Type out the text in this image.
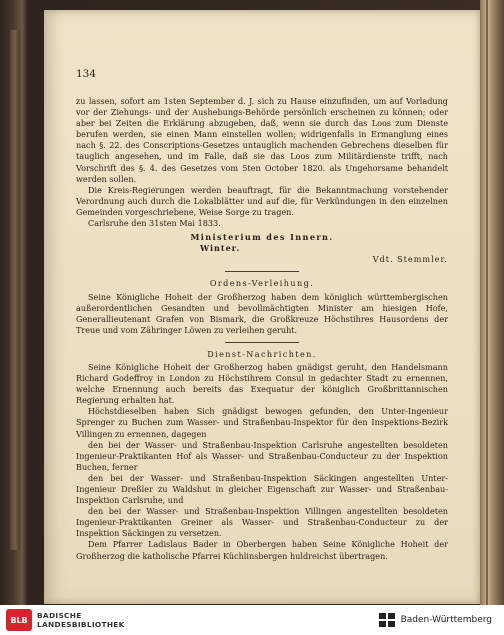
134

zu lassen, sofort am 1sten September d. J. sich zu Hause einzufinden, um auf Vorladung vor der Ziehungs- und der Aushebungs-Behörde persönlich erscheinen zu können; oder aber bei Zeiten die Erklärung abzugeben, daß, wenn sie durch das Loos zum Dienste berufen werden, sie einen Mann einstellen wollen; widrigenfalls in Ermanglung eines nach §. 22. des Conscriptions-Gesetzes untauglich machenden Gebrechens dieselben für tauglich angesehen, und im Falle, daß sie das Loos zum Militärdienste trifft, nach Vorschrift des §. 4. des Gesetzes vom 5ten October 1820. als Ungehorsame behandelt werden sollen.

Die Kreis-Regierungen werden beauftragt, für die Bekanntmachung vorstehender Verordnung auch durch die Lokalblätter und auf die, für Verkündungen in den einzelnen Gemeinden vorgeschriebene, Weise Sorge zu tragen.

Carlsruhe den 31sten Mai 1833.

Ministerium des Innern.

Winter.
Vdt. Stemmler.

Ordens-Verleihung.

Seine Königliche Hoheit der Großherzog haben dem königlich württembergischen außerordentlichen Gesandten und bevollmächtigten Minister am hiesigen Hofe, Generallieutenant Grafen von Bismark, die Großkreuze Höchstihres Hausordens der Treue und vom Zähringer Löwen zu verleihen geruht.

Dienst-Nachrichten.

Seine Königliche Hoheit der Großherzog haben gnädigst geruht, den Handelsmann Richard Godeffroy in London zu Höchstihrem Consul in gedachter Stadt zu ernennen, welche Ernennung auch bereits das Exequatur der königlich Großbrittannischen Regierung erhalten hat.

Höchstdieselben haben Sich gnädigst bewogen gefunden, den Unter-Ingenieur Sprenger zu Buchen zum Wasser- und Straßenbau-Inspektor für den Inspektions-Bezirk Villingen zu ernennen, dagegen

den bei der Wasser- und Straßenbau-Inspektion Carlsruhe angestellten besoldeten Ingenieur-Praktikanten Hof als Wasser- und Straßenbau-Conducteur zu der Inspektion Buchen, ferner

den bei der Wasser- und Straßenbau-Inspektion Säckingen angestellten Unter-Ingenieur Dreßler zu Waldshut in gleicher Eigenschaft zur Wasser- und Straßenbau-Inspektion Carlsruhe, und

den bei der Wasser- und Straßenbau-Inspektion Villingen angestellten besoldeten Ingenieur-Praktikanten Greiner als Wasser- und Straßenbau-Conducteur zu der Inspektion Säckingen zu versetzen.

Dem Pfarrer Ladislaus Bader in Oberbergen haben Seine Königliche Hoheit der Großherzog die katholische Pfarrei Küchlinsbergen huldreichst übertragen.

BLB	BADISCHE
LANDESBIBLIOTHEK	Baden-Württemberg
